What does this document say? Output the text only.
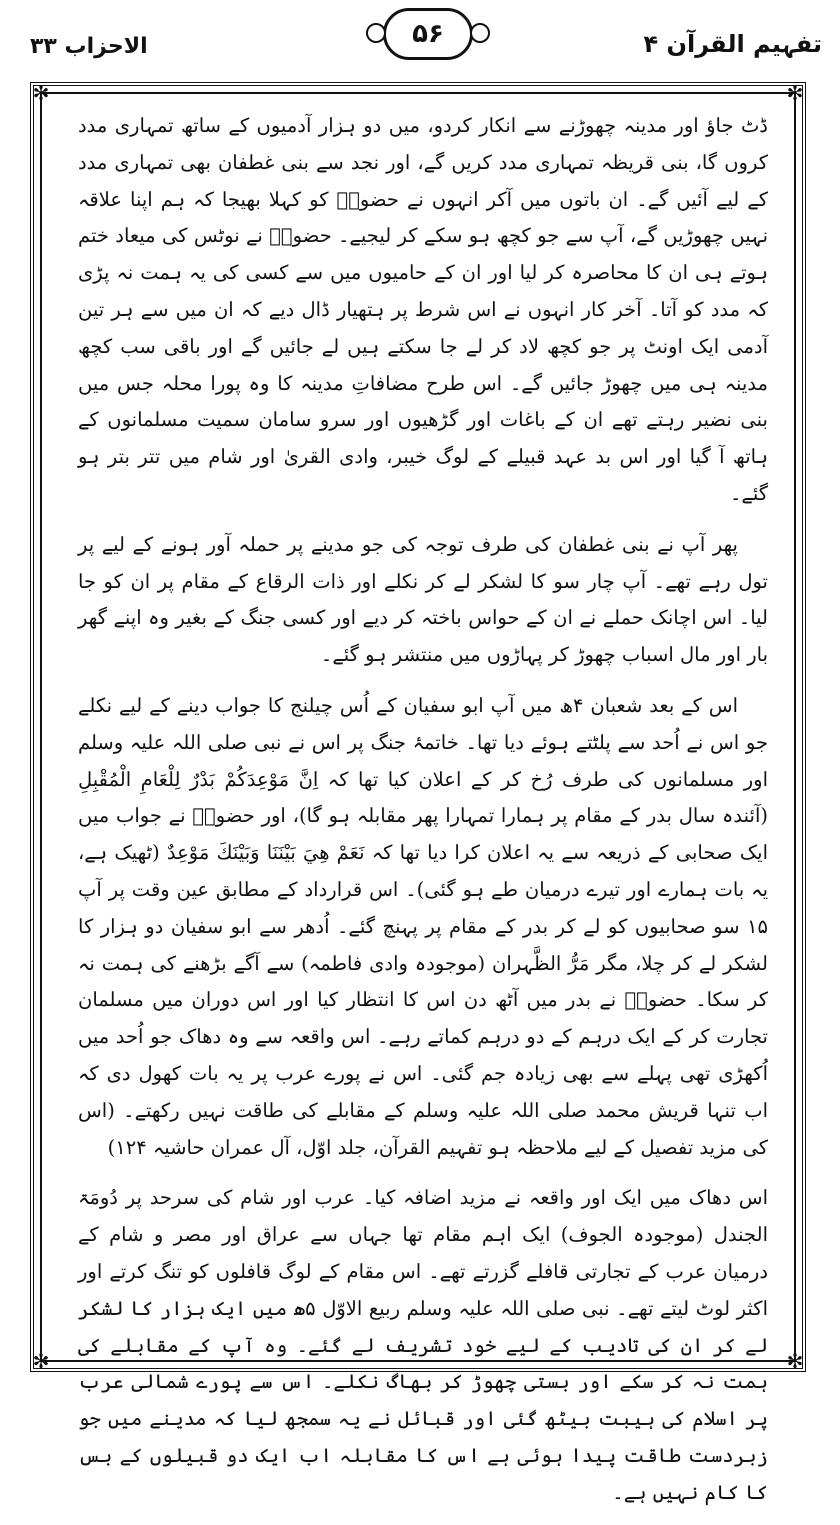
الاحزاب ۳۳	۵۶	تفہیم القرآن ۴
✻	✻
✻	✻

ڈٹ جاؤ اور مدینہ چھوڑنے سے انکار کردو، میں دو ہزار آدمیوں کے ساتھ تمہاری مدد کروں گا، بنی قریظہ تمہاری مدد کریں گے، اور نجد سے بنی غطفان بھی تمہاری مدد کے لیے آئیں گے۔ ان باتوں میں آکر انہوں نے حضورؐ کو کہلا بھیجا کہ ہم اپنا علاقہ نہیں چھوڑیں گے، آپ سے جو کچھ ہو سکے کر لیجیے۔ حضورؐ نے نوٹس کی میعاد ختم ہوتے ہی ان کا محاصرہ کر لیا اور ان کے حامیوں میں سے کسی کی یہ ہمت نہ پڑی کہ مدد کو آتا۔ آخر کار انہوں نے اس شرط پر ہتھیار ڈال دیے کہ ان میں سے ہر تین آدمی ایک اونٹ پر جو کچھ لاد کر لے جا سکتے ہیں لے جائیں گے اور باقی سب کچھ مدینہ ہی میں چھوڑ جائیں گے۔ اس طرح مضافاتِ مدینہ کا وہ پورا محلہ جس میں بنی نضیر رہتے تھے ان کے باغات اور گڑھیوں اور سرو سامان سمیت مسلمانوں کے ہاتھ آ گیا اور اس بد عہد قبیلے کے لوگ خیبر، وادی القریٰ اور شام میں تتر بتر ہو گئے۔

پھر آپ نے بنی غطفان کی طرف توجہ کی جو مدینے پر حملہ آور ہونے کے لیے پر تول رہے تھے۔ آپ چار سو کا لشکر لے کر نکلے اور ذات الرقاع کے مقام پر ان کو جا لیا۔ اس اچانک حملے نے ان کے حواس باختہ کر دیے اور کسی جنگ کے بغیر وہ اپنے گھر بار اور مال اسباب چھوڑ کر پہاڑوں میں منتشر ہو گئے۔

اس کے بعد شعبان ۴ھ میں آپ ابو سفیان کے اُس چیلنج کا جواب دینے کے لیے نکلے جو اس نے اُحد سے پلٹتے ہوئے دیا تھا۔ خاتمۂ جنگ پر اس نے نبی صلی اللہ علیہ وسلم اور مسلمانوں کی طرف رُخ کر کے اعلان کیا تھا کہ اِنَّ مَوْعِدَكُمْ بَدْرٌ لِلْعَامِ الْمُقْبِلِ (آئندہ سال بدر کے مقام پر ہمارا تمہارا پھر مقابلہ ہو گا)، اور حضورؐ نے جواب میں ایک صحابی کے ذریعہ سے یہ اعلان کرا دیا تھا کہ نَعَمْ هِيَ بَيْنَنَا وَبَيْنَكَ مَوْعِدٌ (ٹھیک ہے، یہ بات ہمارے اور تیرے درمیان طے ہو گئی)۔ اس قرارداد کے مطابق عین وقت پر آپ ۱۵ سو صحابیوں کو لے کر بدر کے مقام پر پہنچ گئے۔ اُدھر سے ابو سفیان دو ہزار کا لشکر لے کر چلا، مگر مَرُّ الظَّہران (موجودہ وادی فاطمہ) سے آگے بڑھنے کی ہمت نہ کر سکا۔ حضورؐ نے بدر میں آٹھ دن اس کا انتظار کیا اور اس دوران میں مسلمان تجارت کر کے ایک درہم کے دو درہم کماتے رہے۔ اس واقعہ سے وہ دھاک جو اُحد میں اُکھڑی تھی پہلے سے بھی زیادہ جم گئی۔ اس نے پورے عرب پر یہ بات کھول دی کہ اب تنہا قریش محمد صلی اللہ علیہ وسلم کے مقابلے کی طاقت نہیں رکھتے۔ (اس کی مزید تفصیل کے لیے ملاحظہ ہو تفہیم القرآن، جلد اوّل، آل عمران حاشیہ ۱۲۴)

اس دھاک میں ایک اور واقعہ نے مزید اضافہ کیا۔ عرب اور شام کی سرحد پر دُومَۃ الجندل (موجودہ الجوف) ایک اہم مقام تھا جہاں سے عراق اور مصر و شام کے درمیان عرب کے تجارتی قافلے گزرتے تھے۔ اس مقام کے لوگ قافلوں کو تنگ کرتے اور اکثر لوٹ لیتے تھے۔ نبی صلی اللہ علیہ وسلم ربیع الاوّل ۵ھ میں ایک ہزار کا لشکر لے کر ان کی تادیب کے لیے خود تشریف لے گئے۔ وہ آپ کے مقابلے کی ہمت نہ کر سکے اور بستی چھوڑ کر بھاگ نکلے۔ اس سے پورے شمالی عرب پر اسلام کی ہیبت بیٹھ گئی اور قبائل نے یہ سمجھ لیا کہ مدینے میں جو زبردست طاقت پیدا ہوئی ہے اس کا مقابلہ اب ایک دو قبیلوں کے بس کا کام نہیں ہے۔
